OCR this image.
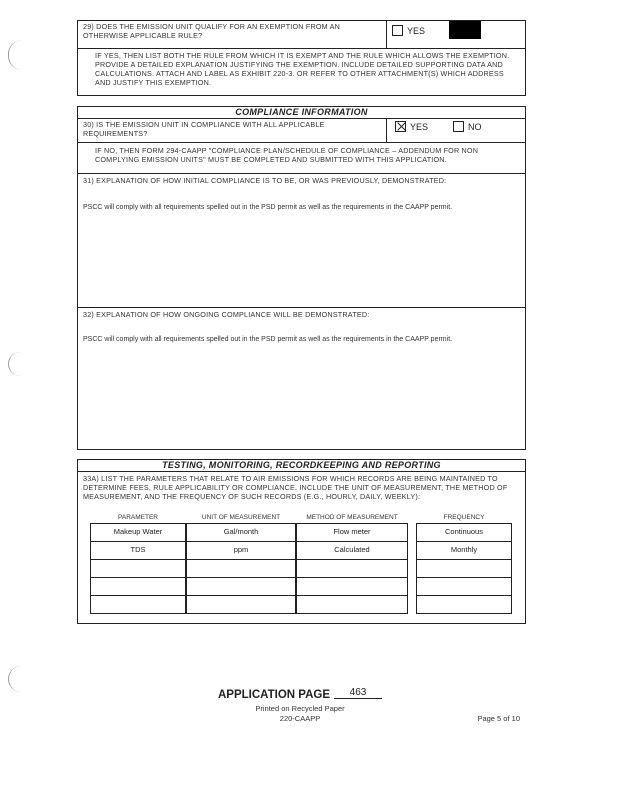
29) DOES THE EMISSION UNIT QUALIFY FOR AN EXEMPTION FROM AN OTHERWISE APPLICABLE RULE?	YES
IF YES, THEN LIST BOTH THE RULE FROM WHICH IT IS EXEMPT AND THE RULE WHICH ALLOWS THE EXEMPTION. PROVIDE A DETAILED EXPLANATION JUSTIFYING THE EXEMPTION. INCLUDE DETAILED SUPPORTING DATA AND CALCULATIONS. ATTACH AND LABEL AS EXHIBIT 220-3. OR REFER TO OTHER ATTACHMENT(S) WHICH ADDRESS AND JUSTIFY THIS EXEMPTION.
COMPLIANCE INFORMATION
30) IS THE EMISSION UNIT IN COMPLIANCE WITH ALL APPLICABLE REQUIREMENTS?
YES	NO
IF NO, THEN FORM 294-CAAPP "COMPLIANCE PLAN/SCHEDULE OF COMPLIANCE – ADDENDUM FOR NON COMPLYING EMISSION UNITS" MUST BE COMPLETED AND SUBMITTED WITH THIS APPLICATION.
31) EXPLANATION OF HOW INITIAL COMPLIANCE IS TO BE, OR WAS PREVIOUSLY, DEMONSTRATED:
PSCC will comply with all requirements spelled out in the PSD permit as well as the requirements in the CAAPP permit.
32) EXPLANATION OF HOW ONGOING COMPLIANCE WILL BE DEMONSTRATED:
PSCC will comply with all requirements spelled out in the PSD permit as well as the requirements in the CAAPP permit.
TESTING, MONITORING, RECORDKEEPING AND REPORTING
33A) LIST THE PARAMETERS THAT RELATE TO AIR EMISSIONS FOR WHICH RECORDS ARE BEING MAINTAINED TO DETERMINE FEES, RULE APPLICABILITY OR COMPLIANCE. INCLUDE THE UNIT OF MEASUREMENT, THE METHOD OF MEASUREMENT, AND THE FREQUENCY OF SUCH RECORDS (E.G., HOURLY, DAILY, WEEKLY):
PARAMETER	UNIT OF MEASUREMENT	METHOD OF MEASUREMENT	FREQUENCY
Makeup Water	Gal/month	Flow meter	Continuous
TDS	ppm	Calculated	Monthly
APPLICATION PAGE	463
Printed on Recycled Paper
220-CAAPP	Page 5 of 10
